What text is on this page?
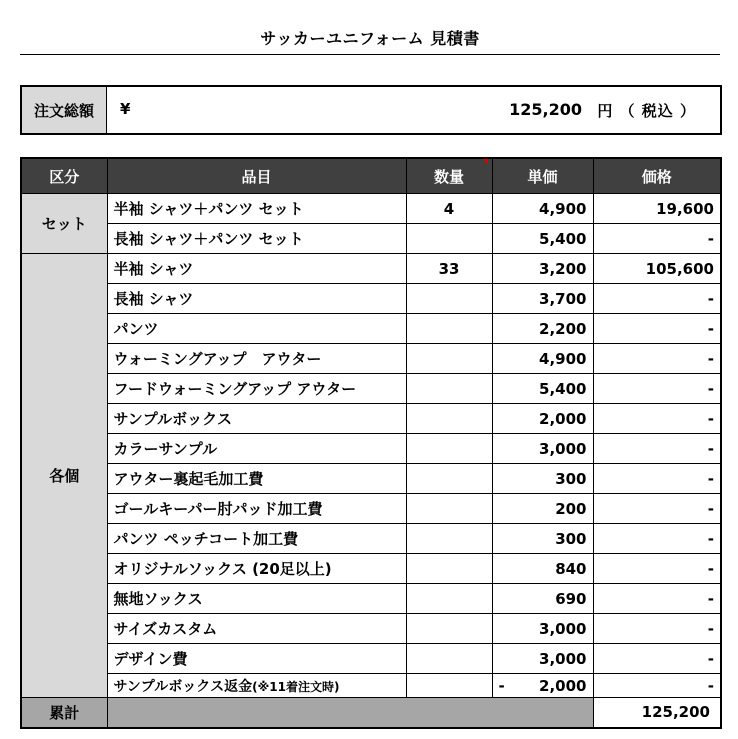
サッカーユニフォーム 見積書
注文総額	¥	125,200 円 （ 税込 ）
区分	品目	数量	単価	価格
セット	半袖 シャツ＋パンツ セット	4	4,900	19,600
	長袖 シャツ＋パンツ セット		5,400	-
各個	半袖 シャツ	33	3,200	105,600
	長袖 シャツ		3,700	-
	パンツ		2,200	-
	ウォーミングアップ　アウター		4,900	-
	フードウォーミングアップ アウター		5,400	-
	サンプルボックス		2,000	-
	カラーサンプル		3,000	-
	アウター裏起毛加工費		300	-
	ゴールキーパー肘パッド加工費		200	-
	パンツ ペッチコート加工費		300	-
	オリジナルソックス (20足以上)		840	-
	無地ソックス		690	-
	サイズカスタム		3,000	-
	デザイン費		3,000	-
	サンプルボックス返金(※11着注文時)		- 2,000	-
累計				125,200
